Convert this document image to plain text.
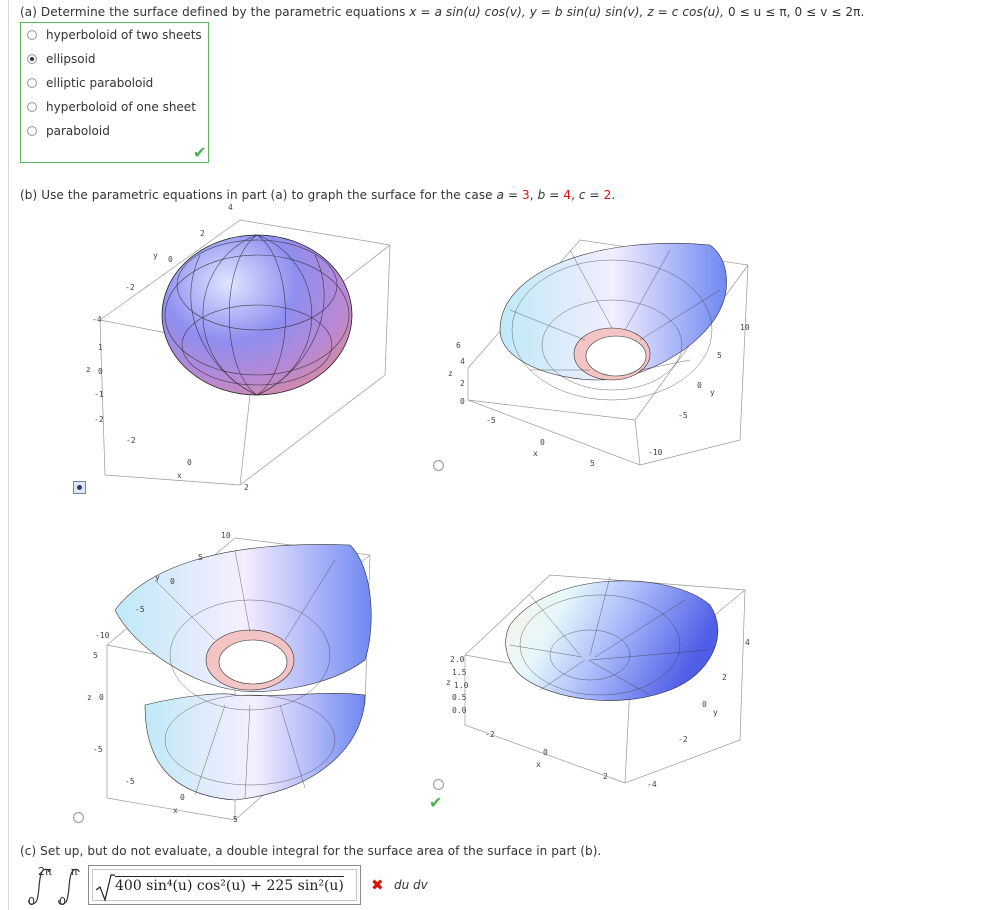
(a) Determine the surface defined by the parametric equations x = a sin(u) cos(v), y = b sin(u) sin(v), z = c cos(u), 0 ≤ u ≤ π, 0 ≤ v ≤ 2π.
hyperboloid of two sheets
ellipsoid
elliptic paraboloid
hyperboloid of one sheet
paraboloid
✔
(b) Use the parametric equations in part (a) to graph the surface for the case a = 3, b = 4, c = 2.
4
2
y 0
-2
-4
1
z 0
-1
-2
-2
0
x
2
10
5
0
y
-5
-10
6
4
z
2
0
-5
0
x
5
10
5
y 0
-5
-10
5
z 0
-5
-5
0
x
5
4
2
0
y
-2
-4
2.0
1.5
z 1.0
0.5
0.0
-2
0
x
2
✔
(c) Set up, but do not evaluate, a double integral for the surface area of the surface in part (b).
2π
0
π
0
400 sin⁴(u) cos²(u) + 225 sin²(u) ✖ du dv
